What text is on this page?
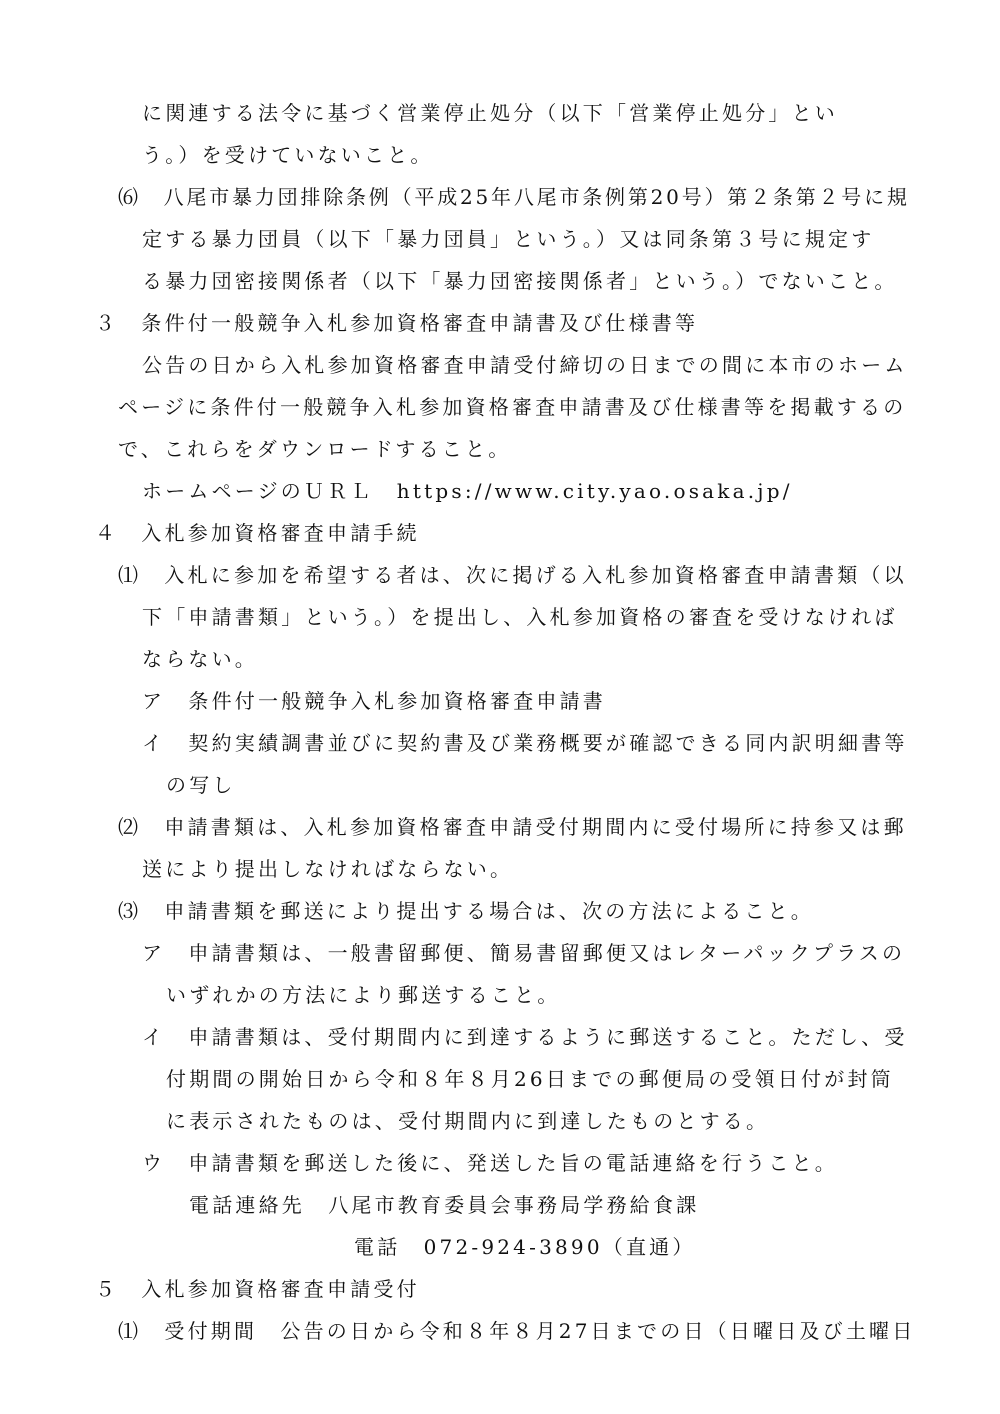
に関連する法令に基づく営業停止処分（以下「営業停止処分」とい
う。）を受けていないこと。
⑹　八尾市暴力団排除条例（平成25年八尾市条例第20号）第２条第２号に規
定する暴力団員（以下「暴力団員」という。）又は同条第３号に規定す
る暴力団密接関係者（以下「暴力団密接関係者」という。）でないこと。
３　条件付一般競争入札参加資格審査申請書及び仕様書等
公告の日から入札参加資格審査申請受付締切の日までの間に本市のホーム
ページに条件付一般競争入札参加資格審査申請書及び仕様書等を掲載するの
で、これらをダウンロードすること。
ホームページのＵＲＬ　https://www.city.yao.osaka.jp/
４　入札参加資格審査申請手続
⑴　入札に参加を希望する者は、次に掲げる入札参加資格審査申請書類（以
下「申請書類」という。）を提出し、入札参加資格の審査を受けなければ
ならない。
ア　条件付一般競争入札参加資格審査申請書
イ　契約実績調書並びに契約書及び業務概要が確認できる同内訳明細書等
の写し
⑵　申請書類は、入札参加資格審査申請受付期間内に受付場所に持参又は郵
送により提出しなければならない。
⑶　申請書類を郵送により提出する場合は、次の方法によること。
ア　申請書類は、一般書留郵便、簡易書留郵便又はレターパックプラスの
いずれかの方法により郵送すること。
イ　申請書類は、受付期間内に到達するように郵送すること。ただし、受
付期間の開始日から令和８年８月26日までの郵便局の受領日付が封筒
に表示されたものは、受付期間内に到達したものとする。
ウ　申請書類を郵送した後に、発送した旨の電話連絡を行うこと。
電話連絡先　八尾市教育委員会事務局学務給食課
電話　072-924-3890（直通）
５　入札参加資格審査申請受付
⑴　受付期間　公告の日から令和８年８月27日までの日（日曜日及び土曜日
